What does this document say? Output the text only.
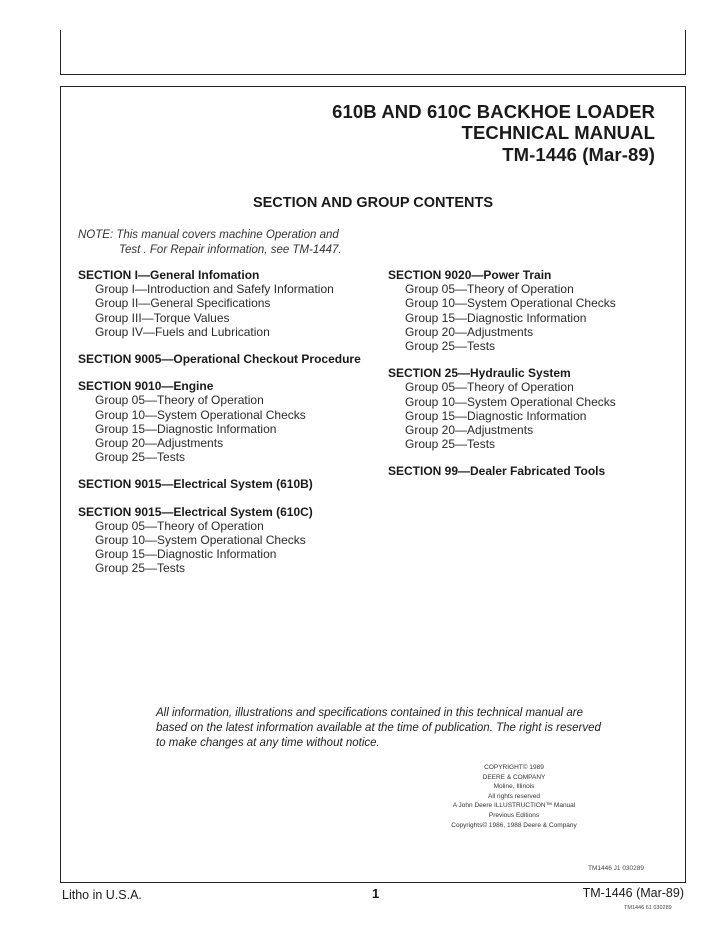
610B AND 610C BACKHOE LOADER
TECHNICAL MANUAL
TM-1446 (Mar-89)
SECTION AND GROUP CONTENTS
NOTE: This manual covers machine Operation and
Test . For Repair information, see TM-1447.
SECTION I—General Infomation
Group I—Introduction and Safefy Information
Group II—General Specifications
Group III—Torque Values
Group IV—Fuels and Lubrication
SECTION 9005—Operational Checkout Procedure
SECTION 9010—Engine
Group 05—Theory of Operation
Group 10—System Operational Checks
Group 15—Diagnostic Information
Group 20—Adjustments
Group 25—Tests
SECTION 9015—Electrical System (610B)
SECTION 9015—Electrical System (610C)
Group 05—Theory of Operation
Group 10—System Operational Checks
Group 15—Diagnostic Information
Group 25—Tests
SECTION 9020—Power Train
Group 05—Theory of Operation
Group 10—System Operational Checks
Group 15—Diagnostic Information
Group 20—Adjustments
Group 25—Tests
SECTION 25—Hydraulic System
Group 05—Theory of Operation
Group 10—System Operational Checks
Group 15—Diagnostic Information
Group 20—Adjustments
Group 25—Tests
SECTION 99—Dealer Fabricated Tools
All information, illustrations and specifications contained in this technical manual are based on the latest information available at the time of publication. The right is reserved to make changes at any time without notice.
COPYRIGHT© 1989
DEERE & COMPANY
Moline, Illinois
All rights reserved
A John Deere ILLUSTRUCTION™ Manual
Previous Editions
Copyrights© 1986, 1988 Deere & Company
TM1446 J1 030289
Litho in U.S.A.	1	TM-1446 (Mar-89)
TM1446 61 030289
